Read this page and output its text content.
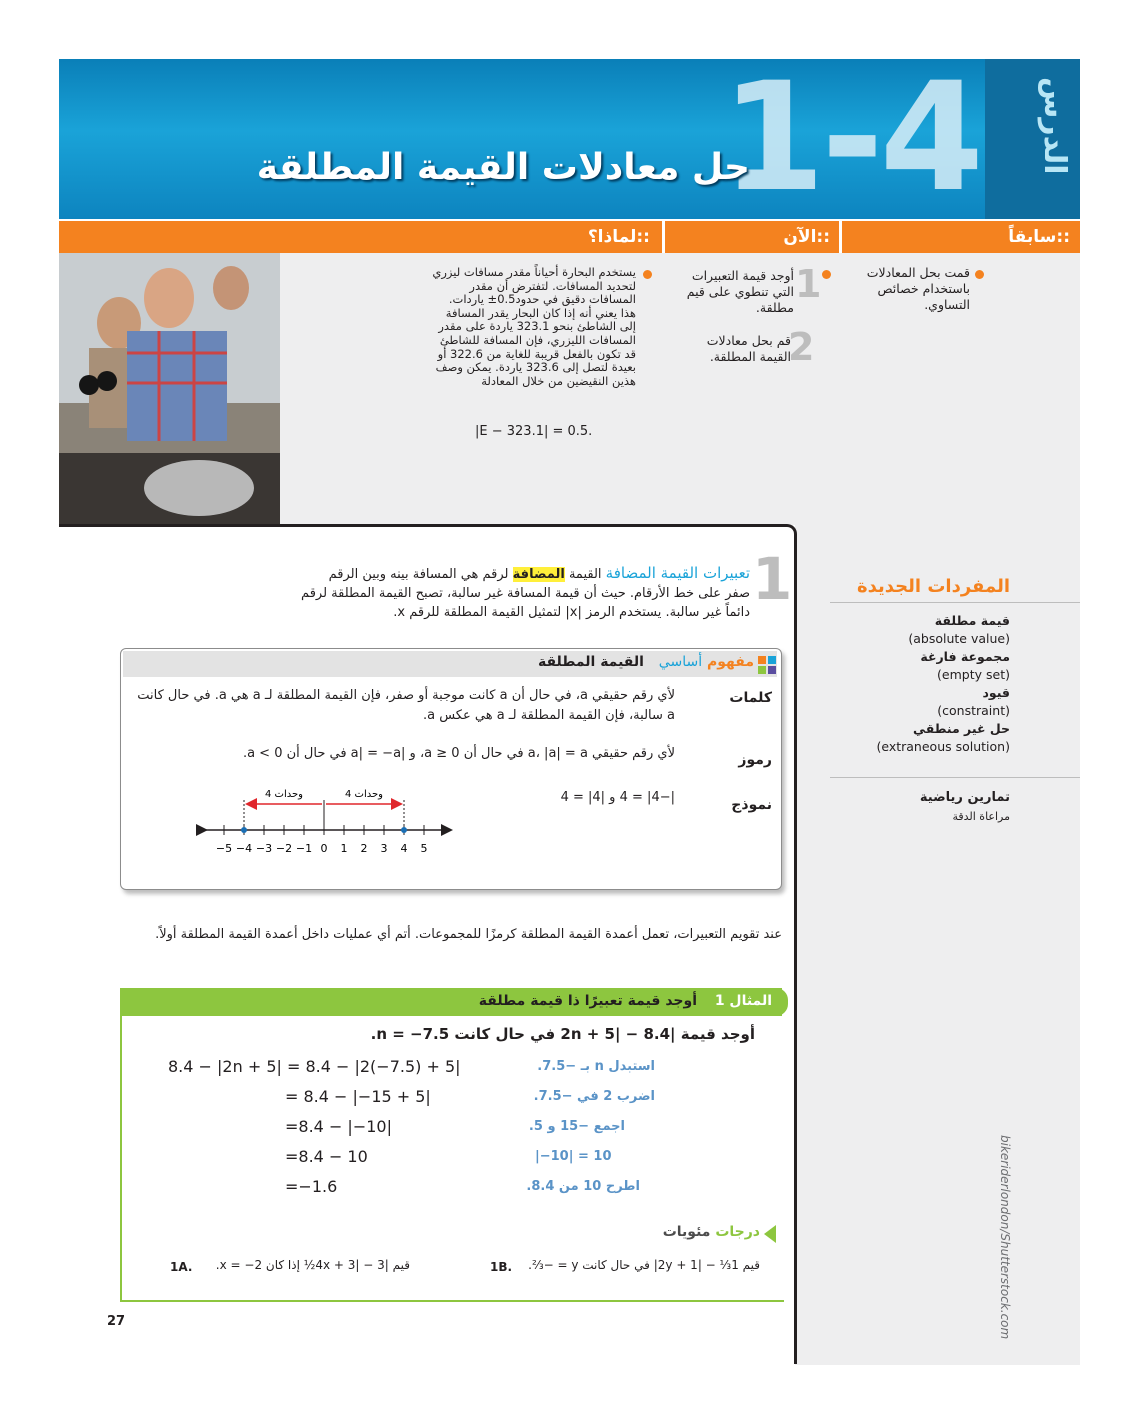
الدرس
1-4
حل معادلات القيمة المطلقة
::سابقاً
::الآن
::لماذا؟
قمت بحل المعادلات باستخدام خصائص التساوي.
1
أوجد قيمة التعبيرات التي تنطوي على قيم مطلقة.
2
قم بحل معادلات القيمة المطلقة.
يستخدم البحارة أحياناً مقدر مسافات ليزري لتحديد المسافات. لتفترض أن مقدر المسافات دقيق في حدود0.5± ياردات. هذا يعني أنه إذا كان البحار يقدر المسافة إلى الشاطئ بنحو 323.1 ياردة على مقدر المسافات الليزري، فإن المسافة للشاطئ قد تكون بالفعل قريبة للغاية من 322.6 أو بعيدة لتصل إلى 323.6 ياردة. يمكن وصف هذين النقيضين من خلال المعادلة
|E − 323.1| = 0.5.
1
تعبيرات القيمة المضافة القيمة المضافة لرقم هي المسافة بينه وبين الرقم صفر على خط الأرقام. حيث أن قيمة المسافة غير سالبة، تصبح القيمة المطلقة لرقم دائماً غير سالبة. يستخدم الرمز |x| لتمثيل القيمة المطلقة للرقم x.
المفردات الجديدة
قيمة مطلقة
(absolute value)
مجموعة فارغة
(empty set)
قيود
(constraint)
حل غير منطقي
(extraneous solution)
تمارين رياضية
مراعاة الدقة
مفهوم أساسي القيمة المطلقة
كلمات
لأي رقم حقيقي a، في حال أن a كانت موجبة أو صفر، فإن القيمة المطلقة لـ a هي a. في حال كانت a سالبة، فإن القيمة المطلقة لـ a هي عكس a.
رموز
لأي رقم حقيقي a، |a| = a في حال أن a ≥ 0، و |a| = −a في حال أن a < 0.
نموذج
|−4| = 4 و |4| = 4
4 وحدات	4 وحدات
−5 −4 −3 −2 −1 0 1 2 3 4 5
عند تقويم التعبيرات، تعمل أعمدة القيمة المطلقة كرمزًا للمجموعات. أتم أي عمليات داخل أعمدة القيمة المطلقة أولاً.
المثال 1
أوجد قيمة تعبيرًا ذا قيمة مطلقة
أوجد قيمة |2n + 5| − 8.4 في حال كانت n = −7.5.
8.4 − |2n + 5| = 8.4 − |2(−7.5) + 5|	استبدل n بـ −7.5.
= 8.4 − |−15 + 5|	اضرب 2 في −7.5.
=8.4 − |−10|	اجمع −15 و 5.
=8.4 − 10	|−10| = 10
=−1.6	اطرح 10 من 8.4.
درجات مئويات
1A.	قيم |4x + 3| − 3½ إذا كان x = −2.	1B.	قيم 1⅓ − |2y + 1| في حال كانت y = −⅔.
27	bikeriderlondon/Shutterstock.com
